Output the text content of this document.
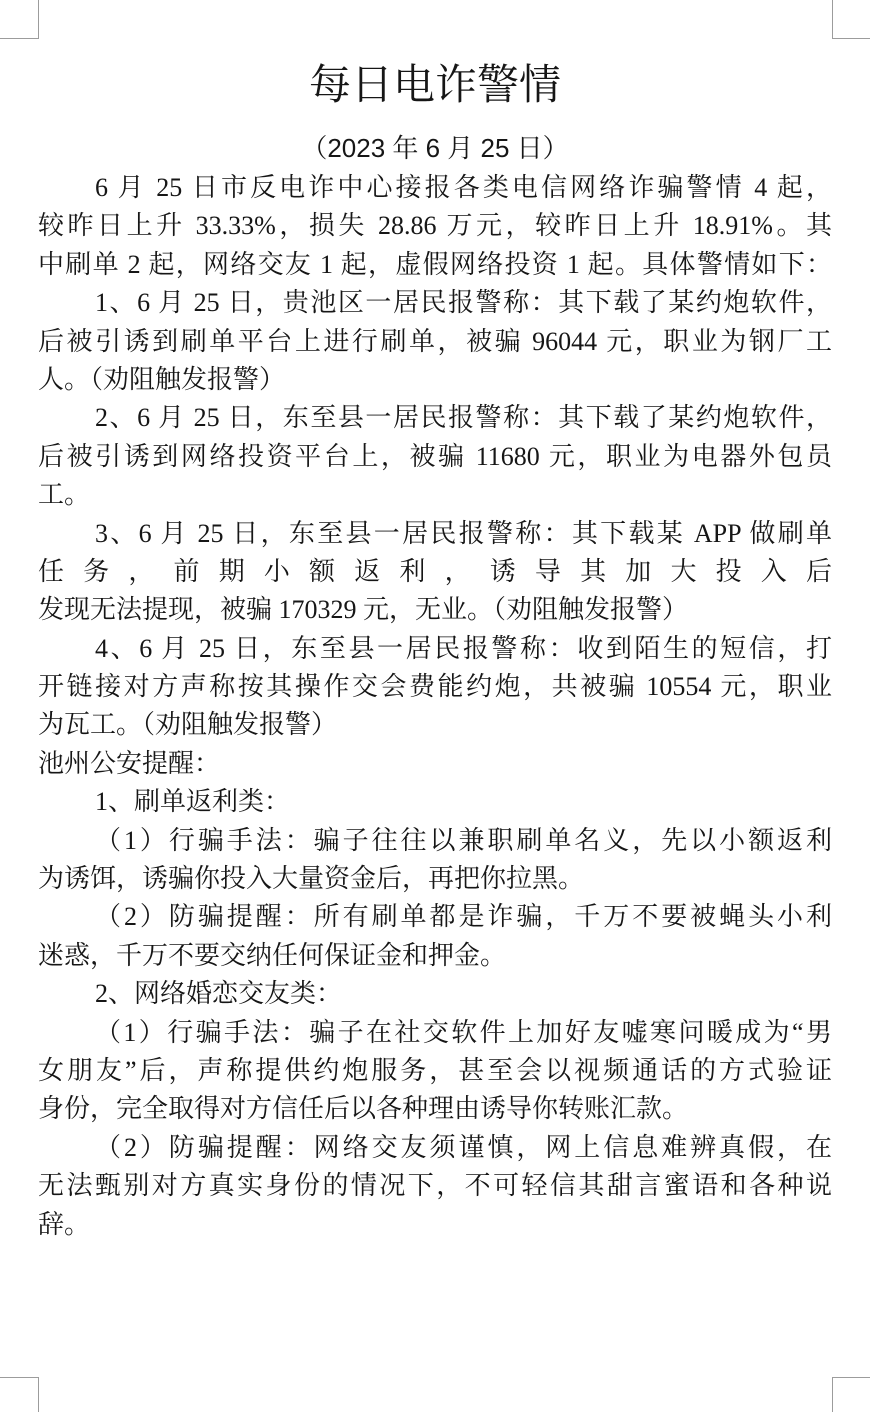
每日电诈警情
（2023 年 6 月 25 日）
6 月 25 日市反电诈中心接报各类电信网络诈骗警情 4 起，
较昨日上升 33.33%，损失 28.86 万元，较昨日上升 18.91%。其
中刷单 2 起，网络交友 1 起，虚假网络投资 1 起。具体警情如下：
1、6 月 25 日，贵池区一居民报警称：其下载了某约炮软件，
后被引诱到刷单平台上进行刷单，被骗 96044 元，职业为钢厂工
人。（劝阻触发报警）
2、6 月 25 日，东至县一居民报警称：其下载了某约炮软件，
后被引诱到网络投资平台上，被骗 11680 元，职业为电器外包员
工。
3、6 月 25 日，东至县一居民报警称：其下载某 APP 做刷单
任务，前期小额返利，诱导其加大投入后
发现无法提现，被骗 170329 元，无业。（劝阻触发报警）
4、6 月 25 日，东至县一居民报警称：收到陌生的短信，打
开链接对方声称按其操作交会费能约炮，共被骗 10554 元，职业
为瓦工。（劝阻触发报警）
池州公安提醒：
1、刷单返利类：
（1）行骗手法：骗子往往以兼职刷单名义，先以小额返利
为诱饵，诱骗你投入大量资金后，再把你拉黑。
（2）防骗提醒：所有刷单都是诈骗，千万不要被蝇头小利
迷惑，千万不要交纳任何保证金和押金。
2、网络婚恋交友类：
（1）行骗手法：骗子在社交软件上加好友嘘寒问暖成为“男
女朋友”后，声称提供约炮服务，甚至会以视频通话的方式验证
身份，完全取得对方信任后以各种理由诱导你转账汇款。
（2）防骗提醒：网络交友须谨慎，网上信息难辨真假，在
无法甄别对方真实身份的情况下，不可轻信其甜言蜜语和各种说
辞。
